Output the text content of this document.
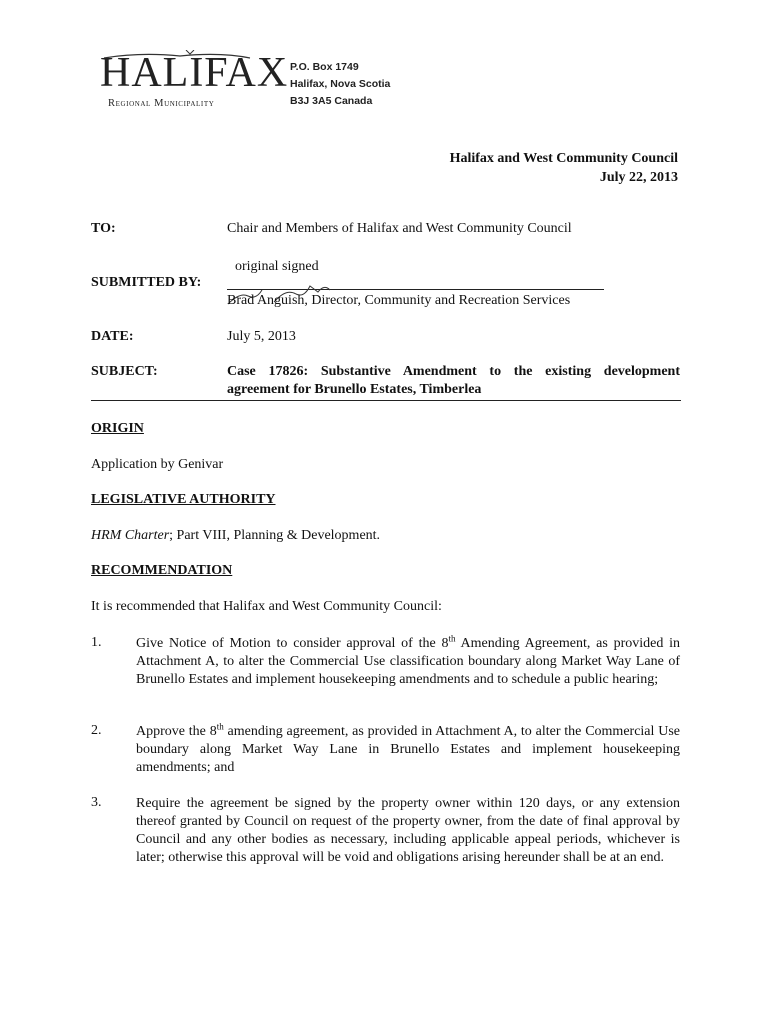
HALIFAX
Regional Municipality
P.O. Box 1749
Halifax, Nova Scotia
B3J 3A5 Canada
Halifax and West Community Council
July 22, 2013
TO:	Chair and Members of Halifax and West Community Council
original signed
SUBMITTED BY:
Brad Anguish, Director, Community and Recreation Services
DATE:	July 5, 2013
SUBJECT:	Case 17826: Substantive Amendment to the existing development agreement for Brunello Estates, Timberlea
ORIGIN
Application by Genivar
LEGISLATIVE AUTHORITY
HRM Charter; Part VIII, Planning & Development.
RECOMMENDATION
It is recommended that Halifax and West Community Council:
1. Give Notice of Motion to consider approval of the 8th Amending Agreement, as provided in Attachment A, to alter the Commercial Use classification boundary along Market Way Lane of Brunello Estates and implement housekeeping amendments and to schedule a public hearing;
2. Approve the 8th amending agreement, as provided in Attachment A, to alter the Commercial Use boundary along Market Way Lane in Brunello Estates and implement housekeeping amendments; and
3. Require the agreement be signed by the property owner within 120 days, or any extension thereof granted by Council on request of the property owner, from the date of final approval by Council and any other bodies as necessary, including applicable appeal periods, whichever is later; otherwise this approval will be void and obligations arising hereunder shall be at an end.
